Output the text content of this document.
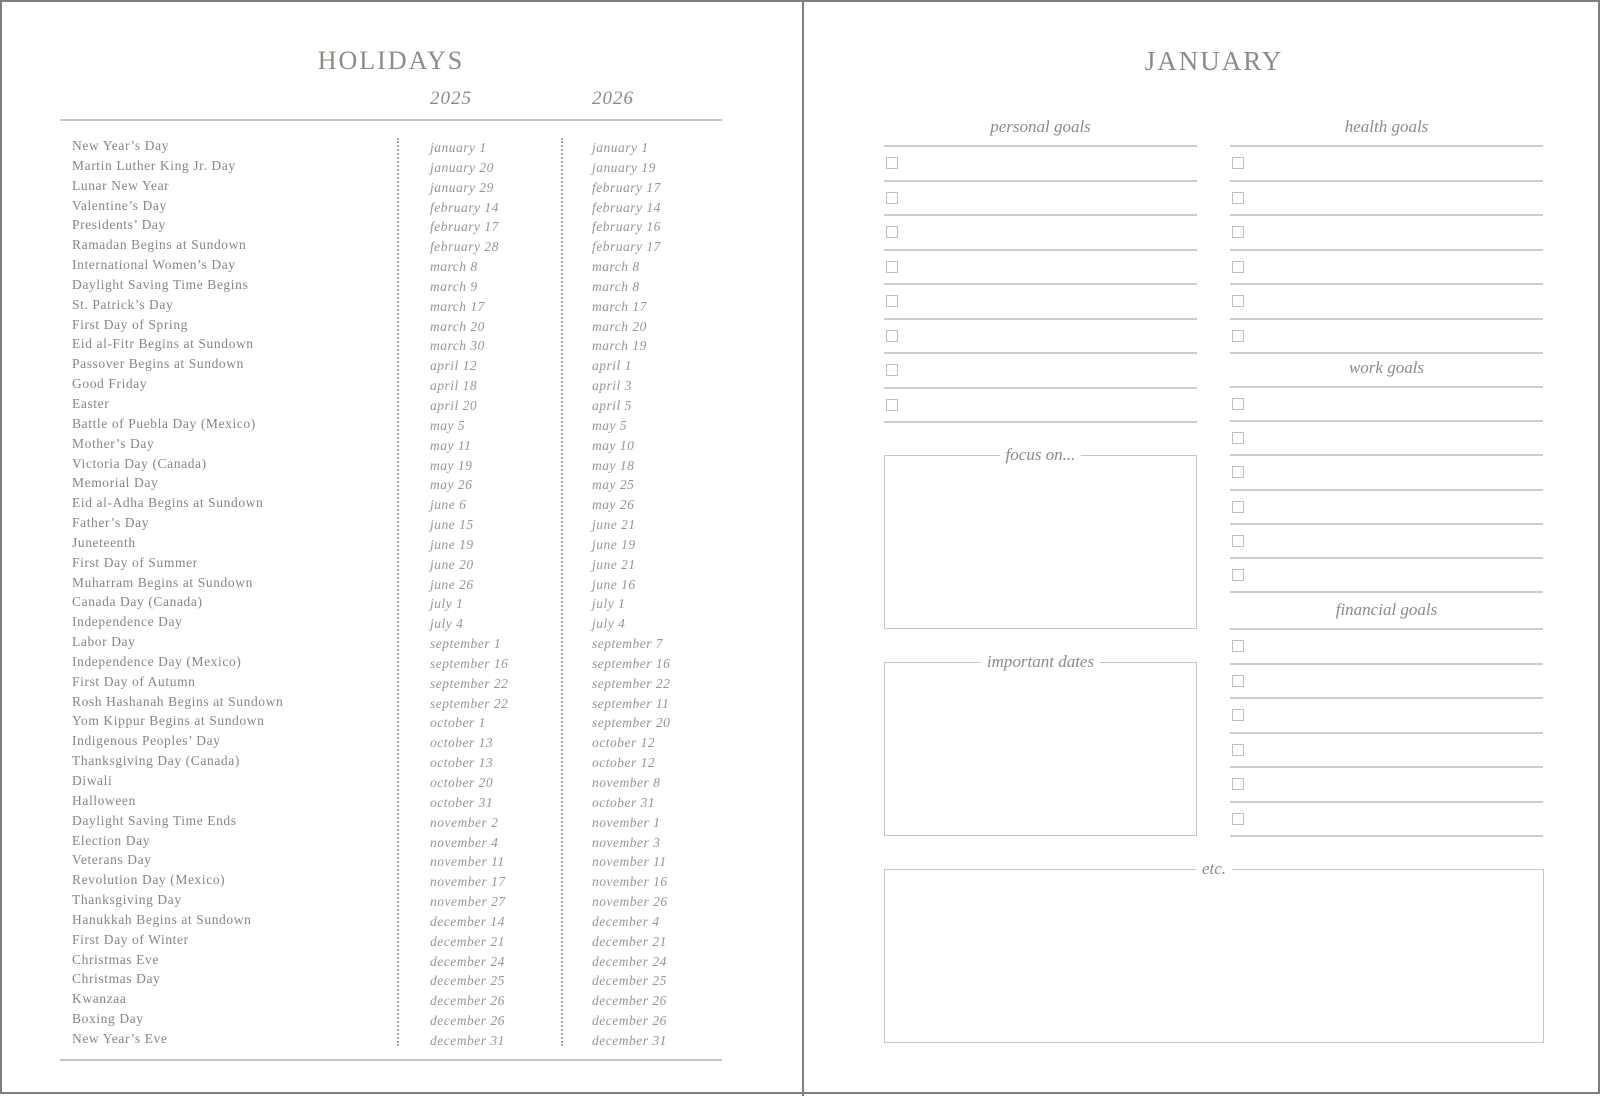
HOLIDAYS
2025	2026
New Year’s Day	january 1	january 1
Martin Luther King Jr. Day	january 20	january 19
Lunar New Year	january 29	february 17
Valentine’s Day	february 14	february 14
Presidents’ Day	february 17	february 16
Ramadan Begins at Sundown	february 28	february 17
International Women’s Day	march 8	march 8
Daylight Saving Time Begins	march 9	march 8
St. Patrick’s Day	march 17	march 17
First Day of Spring	march 20	march 20
Eid al-Fitr Begins at Sundown	march 30	march 19
Passover Begins at Sundown	april 12	april 1
Good Friday	april 18	april 3
Easter	april 20	april 5
Battle of Puebla Day (Mexico)	may 5	may 5
Mother’s Day	may 11	may 10
Victoria Day (Canada)	may 19	may 18
Memorial Day	may 26	may 25
Eid al-Adha Begins at Sundown	june 6	may 26
Father’s Day	june 15	june 21
Juneteenth	june 19	june 19
First Day of Summer	june 20	june 21
Muharram Begins at Sundown	june 26	june 16
Canada Day (Canada)	july 1	july 1
Independence Day	july 4	july 4
Labor Day	september 1	september 7
Independence Day (Mexico)	september 16	september 16
First Day of Autumn	september 22	september 22
Rosh Hashanah Begins at Sundown	september 22	september 11
Yom Kippur Begins at Sundown	october 1	september 20
Indigenous Peoples’ Day	october 13	october 12
Thanksgiving Day (Canada)	october 13	october 12
Diwali	october 20	november 8
Halloween	october 31	october 31
Daylight Saving Time Ends	november 2	november 1
Election Day	november 4	november 3
Veterans Day	november 11	november 11
Revolution Day (Mexico)	november 17	november 16
Thanksgiving Day	november 27	november 26
Hanukkah Begins at Sundown	december 14	december 4
First Day of Winter	december 21	december 21
Christmas Eve	december 24	december 24
Christmas Day	december 25	december 25
Kwanzaa	december 26	december 26
Boxing Day	december 26	december 26
New Year’s Eve	december 31	december 31
JANUARY
personal goals	health goals
work goals
financial goals
focus on...
important dates
etc.
